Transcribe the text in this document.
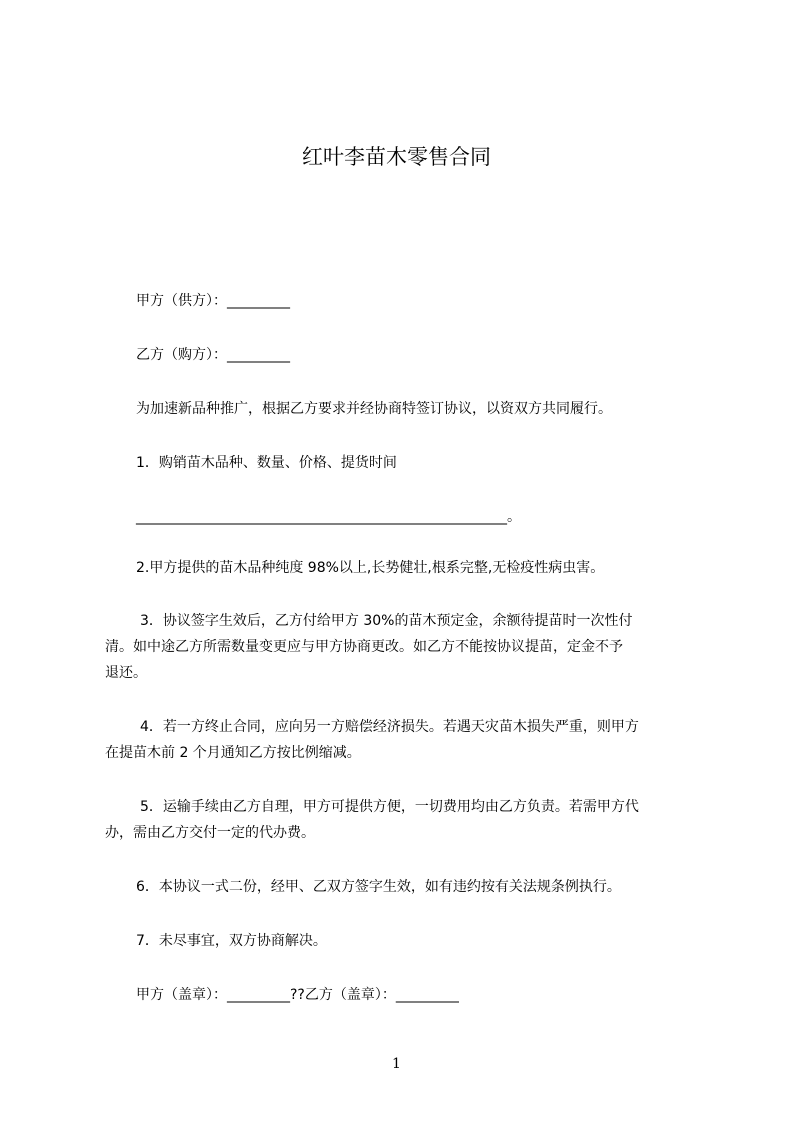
红叶李苗木零售合同
甲方（供方）：_________
乙方（购方）：_________
为加速新品种推广，根据乙方要求并经协商特签订协议，以资双方共同履行。
1．购销苗木品种、数量、价格、提货时间
_____________________________________________________。
2.甲方提供的苗木品种纯度 98%以上,长势健壮,根系完整,无检疫性病虫害。
3．协议签字生效后，乙方付给甲方 30%的苗木预定金，余额待提苗时一次性付
清。如中途乙方所需数量变更应与甲方协商更改。如乙方不能按协议提苗，定金不予
退还。
4．若一方终止合同，应向另一方赔偿经济损失。若遇天灾苗木损失严重，则甲方
在提苗木前 2 个月通知乙方按比例缩减。
5．运输手续由乙方自理，甲方可提供方便，一切费用均由乙方负责。若需甲方代
办，需由乙方交付一定的代办费。
6．本协议一式二份，经甲、乙双方签字生效，如有违约按有关法规条例执行。
7．未尽事宜，双方协商解决。
甲方（盖章）：_________??乙方（盖章）：_________
1
